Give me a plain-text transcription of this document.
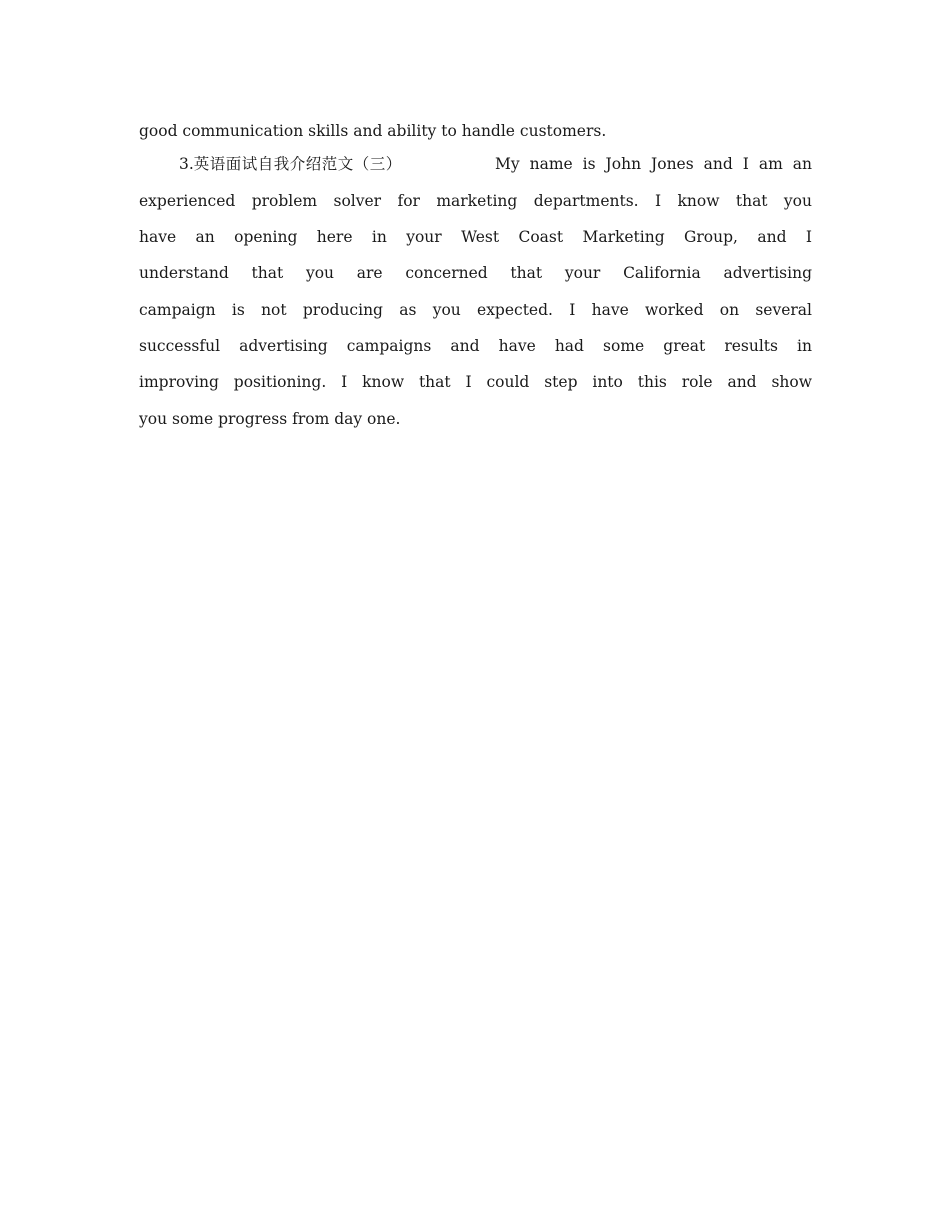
good communication skills and ability to handle customers.
3.英语面试自我介绍范文（三）	My name is John Jones and I am an
experienced problem solver for marketing departments. I know that you
have an opening here in your West Coast Marketing Group, and I
understand that you are concerned that your California advertising
campaign is not producing as you expected. I have worked on several
successful advertising campaigns and have had some great results in
improving positioning. I know that I could step into this role and show
you some progress from day one.
